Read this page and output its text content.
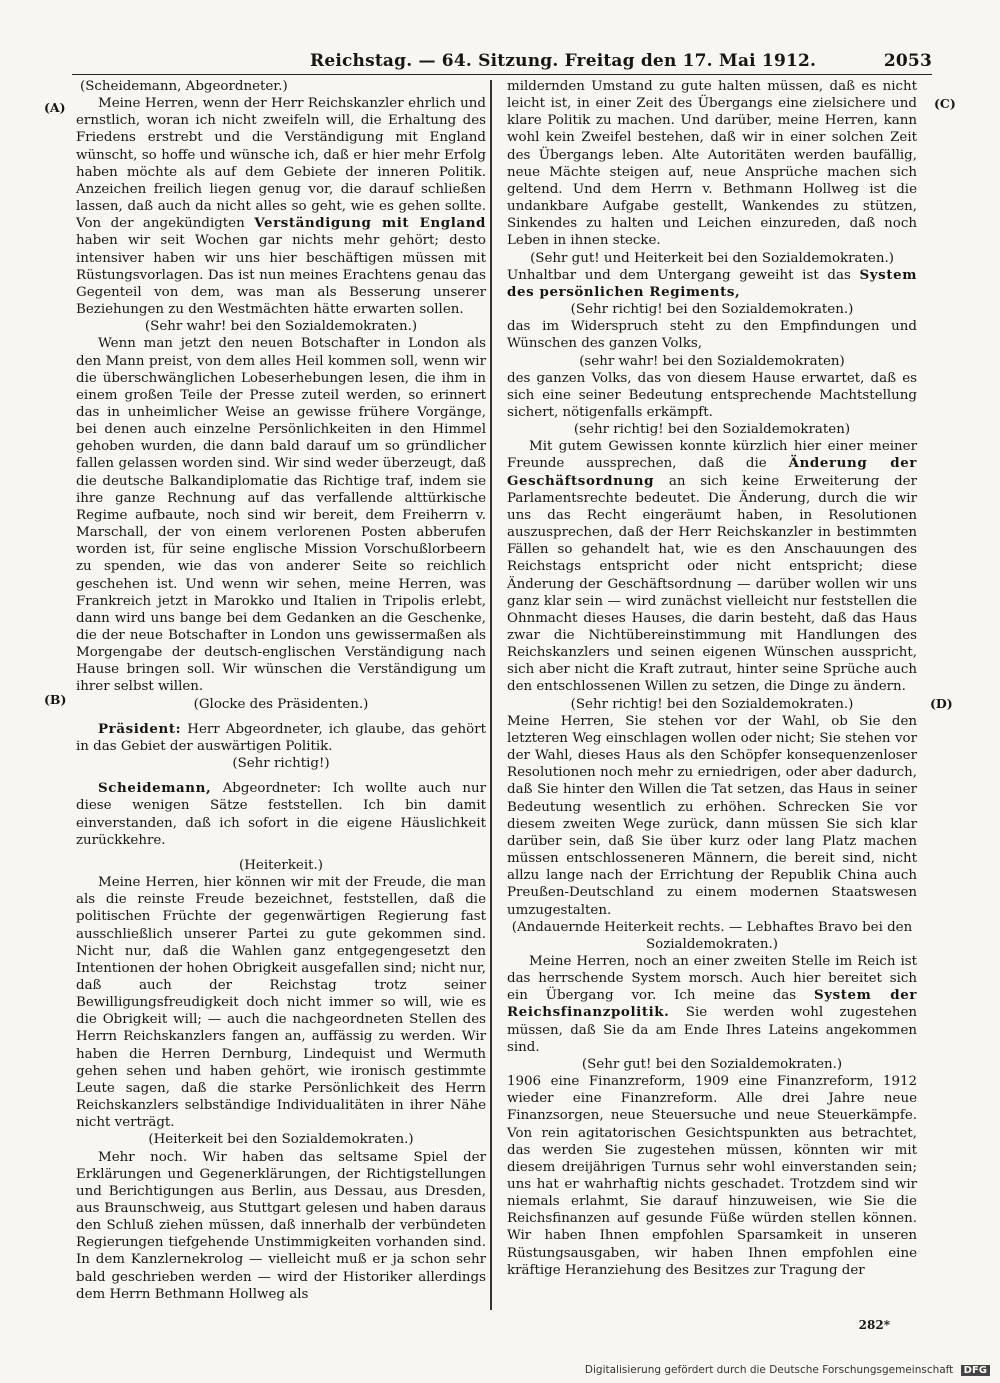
Reichstag. — 64. Sitzung. Freitag den 17. Mai 1912.	2053
(A)
(B)
(C)
(D)

(Scheidemann, Abgeordneter.)

Meine Herren, wenn der Herr Reichskanzler ehrlich und ernstlich, woran ich nicht zweifeln will, die Erhaltung des Friedens erstrebt und die Verständigung mit England wünscht, so hoffe und wünsche ich, daß er hier mehr Erfolg haben möchte als auf dem Gebiete der inneren Politik. Anzeichen freilich liegen genug vor, die darauf schließen lassen, daß auch da nicht alles so geht, wie es gehen sollte. Von der angekündigten Verständigung mit England haben wir seit Wochen gar nichts mehr gehört; desto intensiver haben wir uns hier beschäftigen müssen mit Rüstungsvorlagen. Das ist nun meines Erachtens genau das Gegenteil von dem, was man als Besserung unserer Beziehungen zu den Westmächten hätte erwarten sollen.

(Sehr wahr! bei den Sozialdemokraten.)

Wenn man jetzt den neuen Botschafter in London als den Mann preist, von dem alles Heil kommen soll, wenn wir die überschwänglichen Lobeserhebungen lesen, die ihm in einem großen Teile der Presse zuteil werden, so erinnert das in unheimlicher Weise an gewisse frühere Vorgänge, bei denen auch einzelne Persönlichkeiten in den Himmel gehoben wurden, die dann bald darauf um so gründlicher fallen gelassen worden sind. Wir sind weder überzeugt, daß die deutsche Balkandiplomatie das Richtige traf, indem sie ihre ganze Rechnung auf das verfallende alttürkische Regime aufbaute, noch sind wir bereit, dem Freiherrn v. Marschall, der von einem verlorenen Posten abberufen worden ist, für seine englische Mission Vorschußlorbeern zu spenden, wie das von anderer Seite so reichlich geschehen ist. Und wenn wir sehen, meine Herren, was Frankreich jetzt in Marokko und Italien in Tripolis erlebt, dann wird uns bange bei dem Gedanken an die Geschenke, die der neue Botschafter in London uns gewissermaßen als Morgengabe der deutsch-englischen Verständigung nach Hause bringen soll. Wir wünschen die Verständigung um ihrer selbst willen.

(Glocke des Präsidenten.)

Präsident: Herr Abgeordneter, ich glaube, das gehört in das Gebiet der auswärtigen Politik.

(Sehr richtig!)

Scheidemann, Abgeordneter: Ich wollte auch nur diese wenigen Sätze feststellen. Ich bin damit einverstanden, daß ich sofort in die eigene Häuslichkeit zurückkehre.

(Heiterkeit.)

Meine Herren, hier können wir mit der Freude, die man als die reinste Freude bezeichnet, feststellen, daß die politischen Früchte der gegenwärtigen Regierung fast ausschließlich unserer Partei zu gute gekommen sind. Nicht nur, daß die Wahlen ganz entgegengesetzt den Intentionen der hohen Obrigkeit ausgefallen sind; nicht nur, daß auch der Reichstag trotz seiner Bewilligungsfreudigkeit doch nicht immer so will, wie es die Obrigkeit will; — auch die nachgeordneten Stellen des Herrn Reichskanzlers fangen an, auffässig zu werden. Wir haben die Herren Dernburg, Lindequist und Wermuth gehen sehen und haben gehört, wie ironisch gestimmte Leute sagen, daß die starke Persönlichkeit des Herrn Reichskanzlers selbständige Individualitäten in ihrer Nähe nicht verträgt.

(Heiterkeit bei den Sozialdemokraten.)

Mehr noch. Wir haben das seltsame Spiel der Erklärungen und Gegenerklärungen, der Richtigstellungen und Berichtigungen aus Berlin, aus Dessau, aus Dresden, aus Braunschweig, aus Stuttgart gelesen und haben daraus den Schluß ziehen müssen, daß innerhalb der verbündeten Regierungen tiefgehende Unstimmigkeiten vorhanden sind. In dem Kanzlernekrolog — vielleicht muß er ja schon sehr bald geschrieben werden — wird der Historiker allerdings dem Herrn Bethmann Hollweg als

mildernden Umstand zu gute halten müssen, daß es nicht leicht ist, in einer Zeit des Übergangs eine zielsichere und klare Politik zu machen. Und darüber, meine Herren, kann wohl kein Zweifel bestehen, daß wir in einer solchen Zeit des Übergangs leben. Alte Autoritäten werden baufällig, neue Mächte steigen auf, neue Ansprüche machen sich geltend. Und dem Herrn v. Bethmann Hollweg ist die undankbare Aufgabe gestellt, Wankendes zu stützen, Sinkendes zu halten und Leichen einzureden, daß noch Leben in ihnen stecke.

(Sehr gut! und Heiterkeit bei den Sozialdemokraten.)

Unhaltbar und dem Untergang geweiht ist das System des persönlichen Regiments,

(Sehr richtig! bei den Sozialdemokraten.)

das im Widerspruch steht zu den Empfindungen und Wünschen des ganzen Volks,

(sehr wahr! bei den Sozialdemokraten)

des ganzen Volks, das von diesem Hause erwartet, daß es sich eine seiner Bedeutung entsprechende Machtstellung sichert, nötigenfalls erkämpft.

(sehr richtig! bei den Sozialdemokraten)

Mit gutem Gewissen konnte kürzlich hier einer meiner Freunde aussprechen, daß die Änderung der Geschäftsordnung an sich keine Erweiterung der Parlamentsrechte bedeutet. Die Änderung, durch die wir uns das Recht eingeräumt haben, in Resolutionen auszusprechen, daß der Herr Reichskanzler in bestimmten Fällen so gehandelt hat, wie es den Anschauungen des Reichstags entspricht oder nicht entspricht; diese Änderung der Geschäftsordnung — darüber wollen wir uns ganz klar sein — wird zunächst vielleicht nur feststellen die Ohnmacht dieses Hauses, die darin besteht, daß das Haus zwar die Nichtübereinstimmung mit Handlungen des Reichskanzlers und seinen eigenen Wünschen ausspricht, sich aber nicht die Kraft zutraut, hinter seine Sprüche auch den entschlossenen Willen zu setzen, die Dinge zu ändern.

(Sehr richtig! bei den Sozialdemokraten.)

Meine Herren, Sie stehen vor der Wahl, ob Sie den letzteren Weg einschlagen wollen oder nicht; Sie stehen vor der Wahl, dieses Haus als den Schöpfer konsequenzenloser Resolutionen noch mehr zu erniedrigen, oder aber dadurch, daß Sie hinter den Willen die Tat setzen, das Haus in seiner Bedeutung wesentlich zu erhöhen. Schrecken Sie vor diesem zweiten Wege zurück, dann müssen Sie sich klar darüber sein, daß Sie über kurz oder lang Platz machen müssen entschlosseneren Männern, die bereit sind, nicht allzu lange nach der Errichtung der Republik China auch Preußen-Deutschland zu einem modernen Staatswesen umzugestalten.

(Andauernde Heiterkeit rechts. — Lebhaftes Bravo bei den Sozialdemokraten.)

Meine Herren, noch an einer zweiten Stelle im Reich ist das herrschende System morsch. Auch hier bereitet sich ein Übergang vor. Ich meine das System der Reichsfinanzpolitik. Sie werden wohl zugestehen müssen, daß Sie da am Ende Ihres Lateins angekommen sind.

(Sehr gut! bei den Sozialdemokraten.)

1906 eine Finanzreform, 1909 eine Finanzreform, 1912 wieder eine Finanzreform. Alle drei Jahre neue Finanzsorgen, neue Steuersuche und neue Steuerkämpfe. Von rein agitatorischen Gesichtspunkten aus betrachtet, das werden Sie zugestehen müssen, könnten wir mit diesem dreijährigen Turnus sehr wohl einverstanden sein; uns hat er wahrhaftig nichts geschadet. Trotzdem sind wir niemals erlahmt, Sie darauf hinzuweisen, wie Sie die Reichsfinanzen auf gesunde Füße würden stellen können. Wir haben Ihnen empfohlen Sparsamkeit in unseren Rüstungsausgaben, wir haben Ihnen empfohlen eine kräftige Heranziehung des Besitzes zur Tragung der

282*
Digitalisierung gefördert durch die Deutsche Forschungsgemeinschaft DFG
